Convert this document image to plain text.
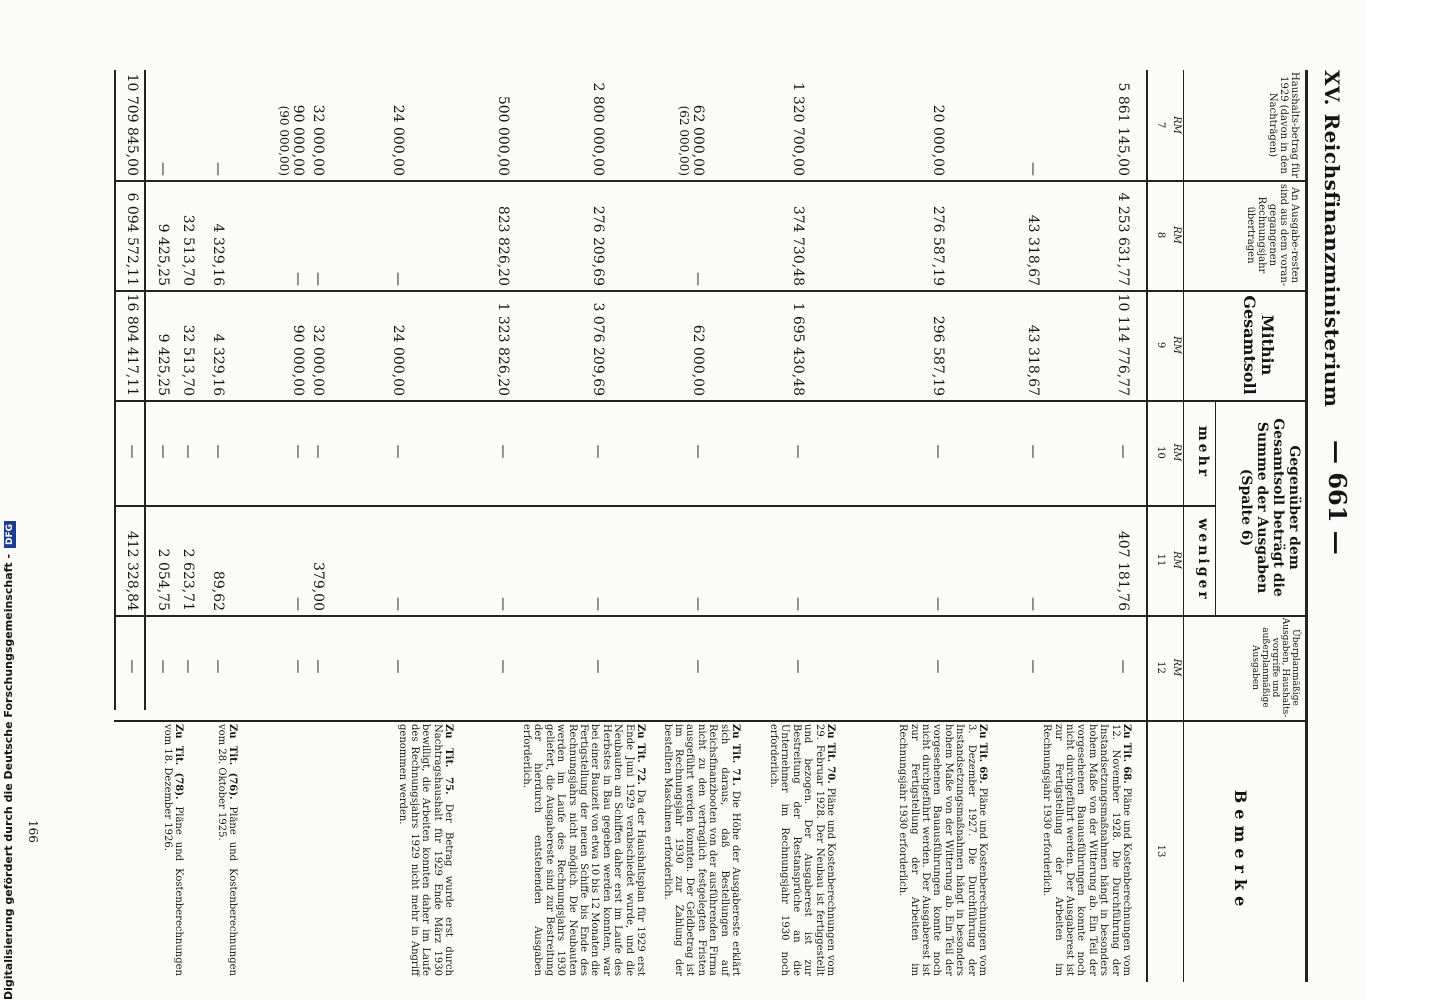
XV. Reichsfinanzministerium
— 661 —
Haushalts-betrag für 1929 (davon in den Nachträgen)
An Ausgabe-resten sind aus dem voran-gegangenen Rechnungsjahr übertragen
Mithin Gesamtsoll
Gegenüber dem Gesamtsoll beträgt die Summe der Ausgaben (Spalte 6)
mehr
weniger
Überplanmäßige Ausgaben, Haushalts-vorgriffe und außerplanmäßige Ausgaben
Bemerke
RM
RM
RM
RM
RM
RM
7
8
9
10
11
12
13
5 861 145,00
4 253 631,77
10 114 776,77
—
407 181,76
—
—
43 318,67
43 318,67
—
—
—
20 000,00
276 587,19
296 587,19
—
—
—
1 320 700,00
374 730,48
1 695 430,48
—
—
—
62 000,00
(62 000,00)
—
62 000,00
—
—
—
2 800 000,00
276 209,69
3 076 209,69
—
—
—
500 000,00
823 826,20
1 323 826,20
—
—
—
24 000,00
—
24 000,00
—
—
—
32 000,00
—
32 000,00
—
379,00
—
90 000,00
(90 000,00)
—
90 000,00
—
—
—
—
4 329,16
4 329,16
—
89,62
—
32 513,70
32 513,70
—
2 623,71
—
—
9 425,25
9 425,25
—
2 054,75
—
10 709 845,00
6 094 572,11
16 804 417,11
—
412 328,84
—
Zu Tit. 68. Pläne und Kostenberechnungen vom 12. November 1928. Die Durchführung der Instandsetzungsmaßnahmen hängt in besonders hohem Maße von der Witterung ab. Ein Teil der vorgesehenen Bauausführungen konnte noch nicht durchgeführt werden. Der Ausgaberest ist zur Fertigstellung der Arbeiten im Rechnungsjahr 1930 erforderlich.
Zu Tit. 69. Pläne und Kostenberechnungen vom 3. Dezember 1927. Die Durchführung der Instandsetzungsmaßnahmen hängt in besonders hohem Maße von der Witterung ab. Ein Teil der vorgesehenen Bauausführungen konnte noch nicht durchgeführt werden. Der Ausgaberest ist zur Fertigstellung der Arbeiten im Rechnungsjahr 1930 erforderlich.
Zu Tit. 70. Pläne und Kostenberechnungen vom 29. Februar 1928. Der Neubau ist fertiggestellt und bezogen. Der Ausgaberest ist zur Bestreitung der Restansprüche an die Unternehmer im Rechnungsjahr 1930 noch erforderlich.
Zu Tit. 71. Die Höhe der Ausgabereste erklärt sich daraus, daß Bestellungen auf Reichsfinanzbooten von der ausführenden Firma nicht zu den vertraglich festgelegten Fristen ausgeführt werden konnten. Der Geldbetrag ist im Rechnungsjahr 1930 zur Zahlung der bestellten Maschinen erforderlich.
Zu Tit. 72. Da der Haushaltsplan für 1929 erst Ende Juni 1929 verabschiedet wurde, und die Neubauten an Schiffen daher erst im Laufe des Herbstes in Bau gegeben werden konnten, war bei einer Bauzeit von etwa 10 bis 12 Monaten die Fertigstellung der neuen Schiffe bis Ende des Rechnungsjahrs nicht möglich. Die Neubauten werden im Laufe des Rechnungsjahrs 1930 geliefert, die Ausgabereste sind zur Bestreitung der hierdurch entstehenden Ausgaben erforderlich.
Zu Tit. 75. Der Betrag wurde erst durch Nachtragshaushalt für 1929 Ende März 1930 bewilligt, die Arbeiten konnten daher im Laufe des Rechnungsjahrs 1929 nicht mehr in Angriff genommen werden.
Zu Tit. (76). Pläne und Kostenberechnungen vom 28. Oktober 1925.
Zu Tit. (78). Pläne und Kostenberechnungen vom 18. Dezember 1926.
166
Digitalisierung gefördert durch die Deutsche Forschungsgemeinschaft -DFG
